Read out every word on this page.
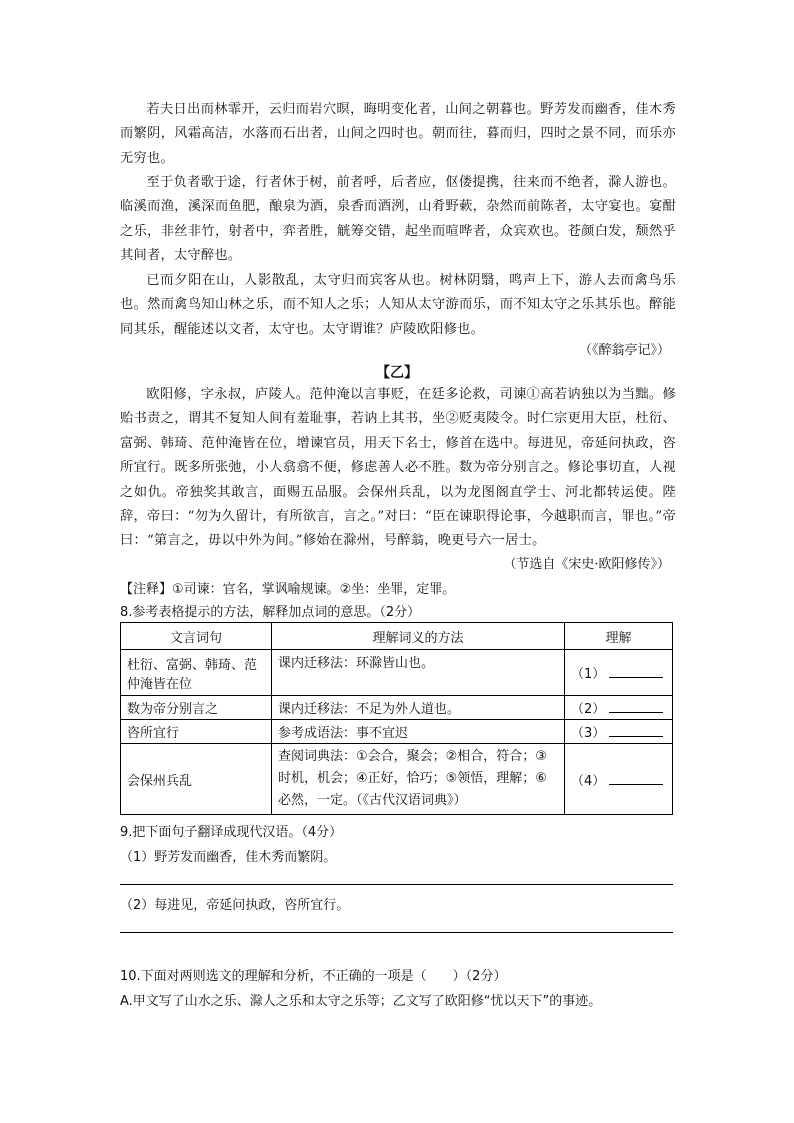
若夫日出而林霏开，云归而岩穴暝，晦明变化者，山间之朝暮也。野芳发而幽香，佳木秀而繁阴，风霜高洁，水落而石出者，山间之四时也。朝而往，暮而归，四时之景不同，而乐亦无穷也。

至于负者歌于途，行者休于树，前者呼，后者应，伛偻提携，往来而不绝者，滁人游也。临溪而渔，溪深而鱼肥，酿泉为酒，泉香而酒洌，山肴野蔌，杂然而前陈者，太守宴也。宴酣之乐，非丝非竹，射者中，弈者胜，觥筹交错，起坐而喧哗者，众宾欢也。苍颜白发，颓然乎其间者，太守醉也。

已而夕阳在山，人影散乱，太守归而宾客从也。树林阴翳，鸣声上下，游人去而禽鸟乐也。然而禽鸟知山林之乐，而不知人之乐；人知从太守游而乐，而不知太守之乐其乐也。醉能同其乐，醒能述以文者，太守也。太守谓谁？庐陵欧阳修也。

（《醉翁亭记》）
【乙】

欧阳修，字永叔，庐陵人。范仲淹以言事贬，在廷多论救，司谏①高若讷独以为当黜。修贻书责之，谓其不复知人间有羞耻事，若讷上其书，坐②贬夷陵令。时仁宗更用大臣，杜衍、富弼、韩琦、范仲淹皆在位，增谏官员，用天下名士，修首在选中。每进见，帝延问执政，咨所宜行。既多所张弛，小人翕翕不便，修虑善人必不胜。数为帝分别言之。修论事切直，人视之如仇。帝独奖其敢言，面赐五品服。会保州兵乱，以为龙图阁直学士、河北都转运使。陛辞，帝曰：“勿为久留计，有所欲言，言之。”对曰：“臣在谏职得论事，今越职而言，罪也。”帝曰：“第言之，毋以中外为间。”修始在滁州，号醉翁，晚更号六一居士。

（节选自《宋史·欧阳修传》）
【注释】①司谏：官名，掌讽喻规谏。②坐：坐罪，定罪。
8.参考表格提示的方法，解释加点词的意思。（2分）
文言词句	理解词义的方法	理解
杜衍、富弼、韩琦、范仲淹皆在位	课内迁移法：环滁皆山也。	（1）
数为帝分别言之	课内迁移法：不足为外人道也。	（2）
咨所宜行	参考成语法：事不宜迟	（3）
会保州兵乱	查阅词典法：①会合，聚会；②相合，符合；③时机，机会；④正好，恰巧；⑤领悟，理解；⑥必然，一定。（《古代汉语词典》）	（4）
9.把下面句子翻译成现代汉语。（4分）
（1）野芳发而幽香，佳木秀而繁阴。
（2）每进见，帝延问执政，咨所宜行。
10.下面对两则选文的理解和分析，不正确的一项是（　　）（2分）
A.甲文写了山水之乐、滁人之乐和太守之乐等；乙文写了欧阳修“忧以天下”的事迹。
